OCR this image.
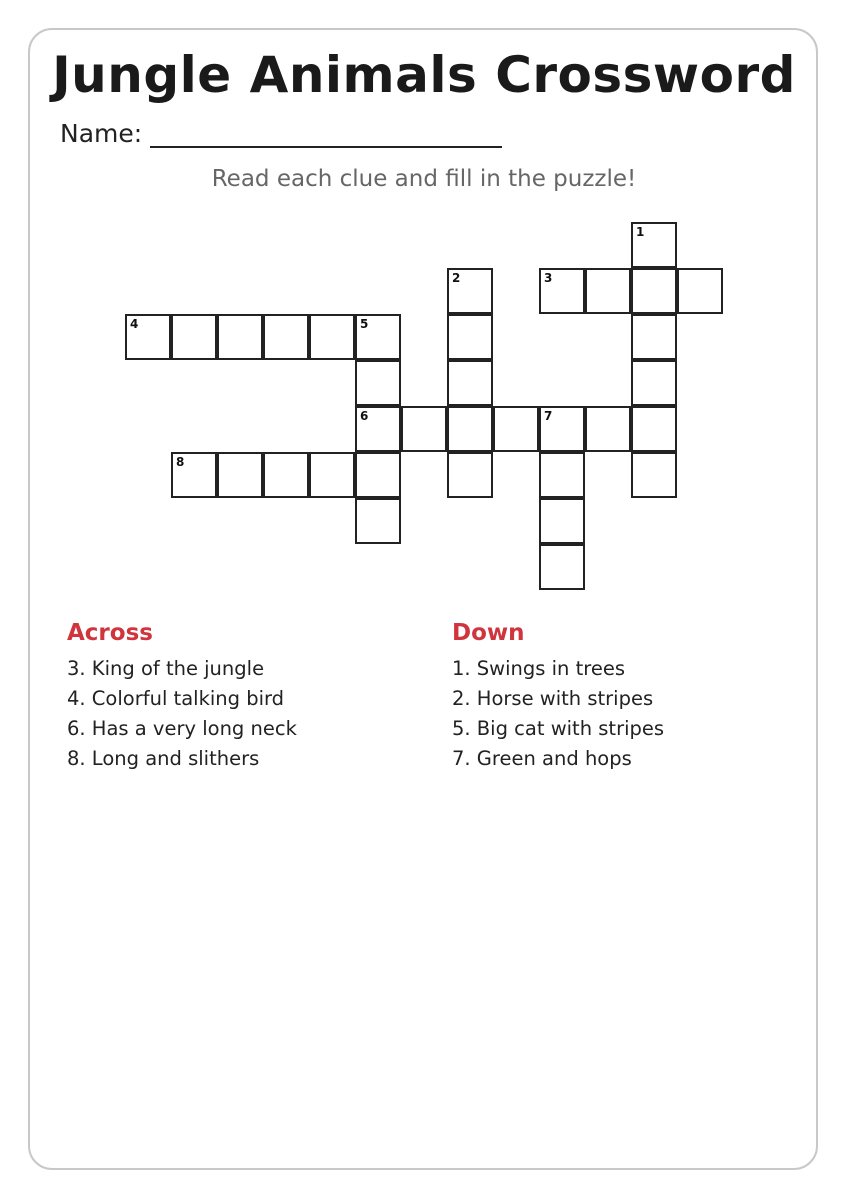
Jungle Animals Crossword
Name:
Read each clue and fill in the puzzle!
1
2	3
4	5
6	7
8
Across
3. King of the jungle
4. Colorful talking bird
6. Has a very long neck
8. Long and slithers
Down
1. Swings in trees
2. Horse with stripes
5. Big cat with stripes
7. Green and hops
